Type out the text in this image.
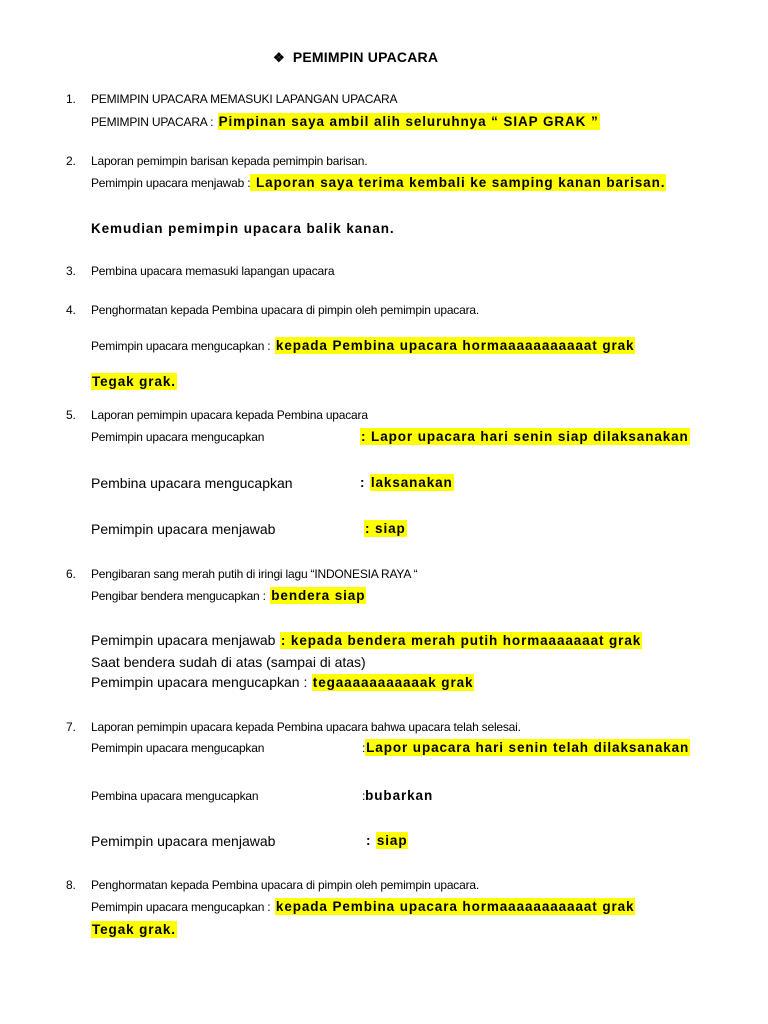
❖ PEMIMPIN UPACARA
1. PEMIMPIN UPACARA MEMASUKI LAPANGAN UPACARA
PEMIMPIN UPACARA : Pimpinan saya ambil alih seluruhnya “ SIAP GRAK ”
2. Laporan pemimpin barisan kepada pemimpin barisan.
Pemimpin upacara menjawab : Laporan saya terima kembali ke samping kanan barisan.
Kemudian pemimpin upacara balik kanan.
3. Pembina upacara memasuki lapangan upacara
4. Penghormatan kepada Pembina upacara di pimpin oleh pemimpin upacara.
Pemimpin upacara mengucapkan : kepada Pembina upacara hormaaaaaaaaaaat grak
Tegak grak.
5. Laporan pemimpin upacara kepada Pembina upacara
Pemimpin upacara mengucapkan	: Lapor upacara hari senin siap dilaksanakan
Pembina upacara mengucapkan	: laksanakan
Pemimpin upacara menjawab	: siap
6. Pengibaran sang merah putih di iringi lagu “INDONESIA RAYA “
Pengibar bendera mengucapkan : bendera siap
Pemimpin upacara menjawab : kepada bendera merah putih hormaaaaaaat grak
Saat bendera sudah di atas (sampai di atas)
Pemimpin upacara mengucapkan : tegaaaaaaaaaaak grak
7. Laporan pemimpin upacara kepada Pembina upacara bahwa upacara telah selesai.
Pemimpin upacara mengucapkan	:Lapor upacara hari senin telah dilaksanakan
Pembina upacara mengucapkan	:bubarkan
Pemimpin upacara menjawab	: siap
8. Penghormatan kepada Pembina upacara di pimpin oleh pemimpin upacara.
Pemimpin upacara mengucapkan : kepada Pembina upacara hormaaaaaaaaaaat grak
Tegak grak.
